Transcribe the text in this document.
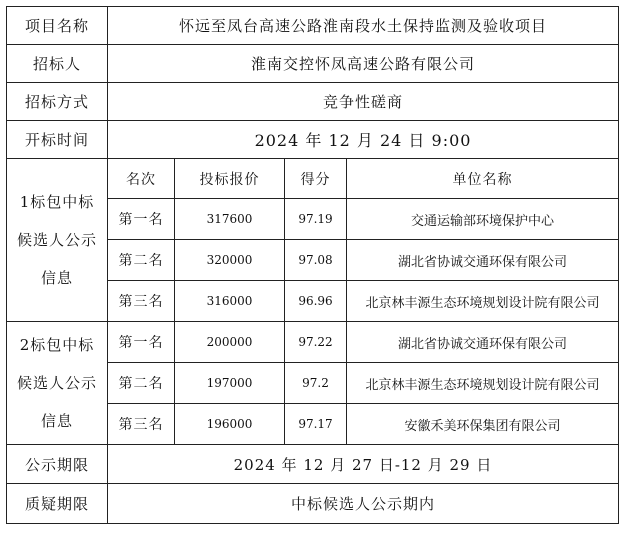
项目名称	怀远至凤台高速公路淮南段水土保持监测及验收项目			
招标人	淮南交控怀凤高速公路有限公司			
招标方式	竞争性磋商			
开标时间	2024 年 12 月 24 日 9:00			

1标包中标
候选人公示
信息	名次	投标报价	得分	单位名称
	第一名	317600	97.19	交通运输部环境保护中心
	第二名	320000	97.08	湖北省协诚交通环保有限公司
	第三名	316000	96.96	北京林丰源生态环境规划设计院有限公司

2标包中标
候选人公示
信息	第一名	200000	97.22	湖北省协诚交通环保有限公司
	第二名	197000	97.2	北京林丰源生态环境规划设计院有限公司
	第三名	196000	97.17	安徽禾美环保集团有限公司
公示期限	2024 年 12 月 27 日-12 月 29 日			
质疑期限	中标候选人公示期内			
